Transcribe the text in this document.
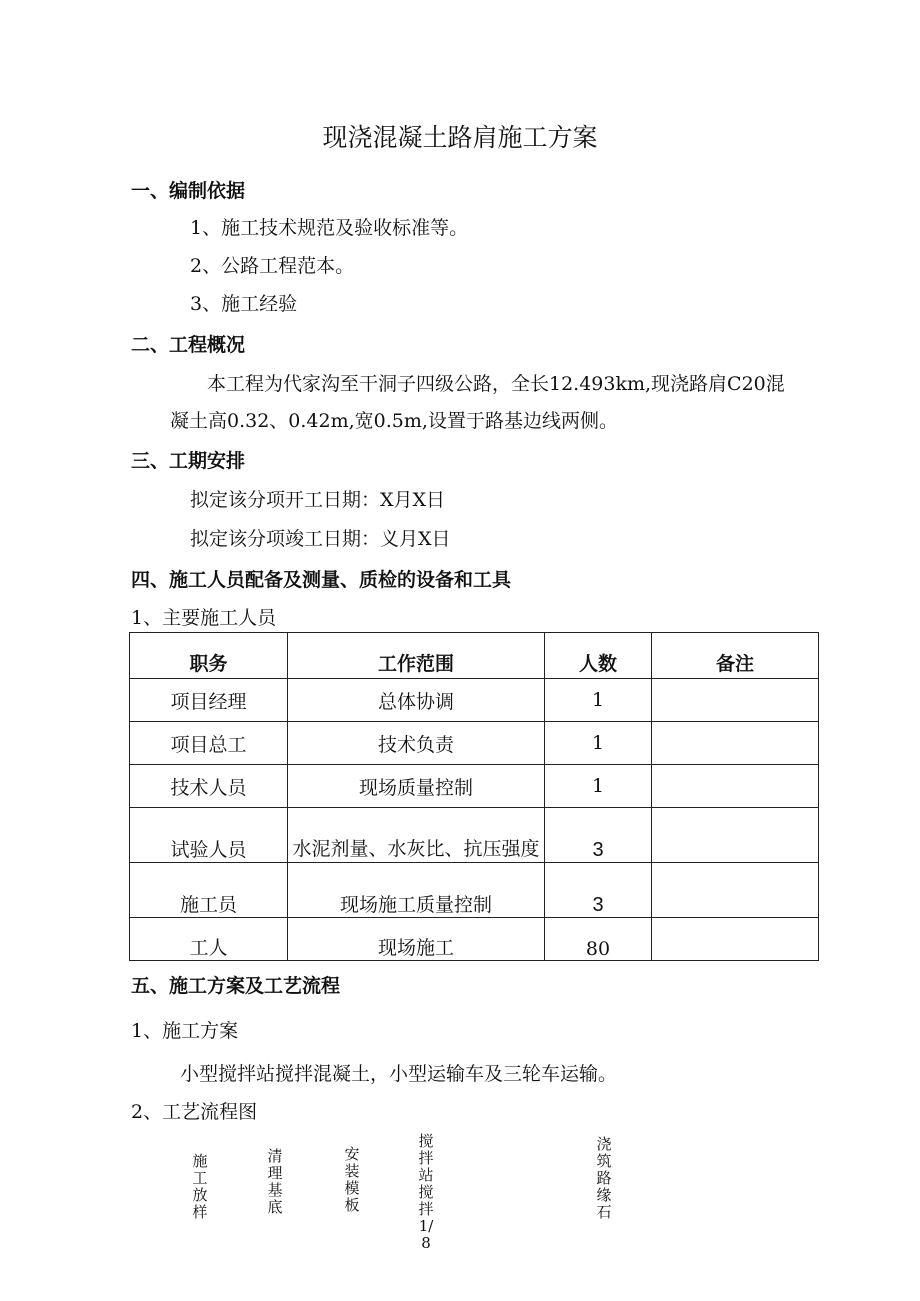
现浇混凝土路肩施工方案
一、编制依据
1、施工技术规范及验收标准等。
2、公路工程范本。
3、施工经验
二、工程概况
本工程为代家沟至干洞子四级公路，全长12.493km,现浇路肩C20混
凝土高0.32、0.42m,宽0.5m,设置于路基边线两侧。
三、工期安排
拟定该分项开工日期：X月X日
拟定该分项竣工日期：义月X日
四、施工人员配备及测量、质检的设备和工具
1、主要施工人员
职务	工作范围	人数	备注
项目经理	总体协调	1	
项目总工	技术负责	1	
技术人员	现场质量控制	1	
试验人员	水泥剂量、水灰比、抗压强度	3	
施工员	现场施工质量控制	3	
工人	现场施工	80	
五、施工方案及工艺流程
1、施工方案
小型搅拌站搅拌混凝土，小型运输车及三轮车运输。
2、工艺流程图
施工放样
清理基底
安装模板
搅拌站搅拌1/8
浇筑路缘石
